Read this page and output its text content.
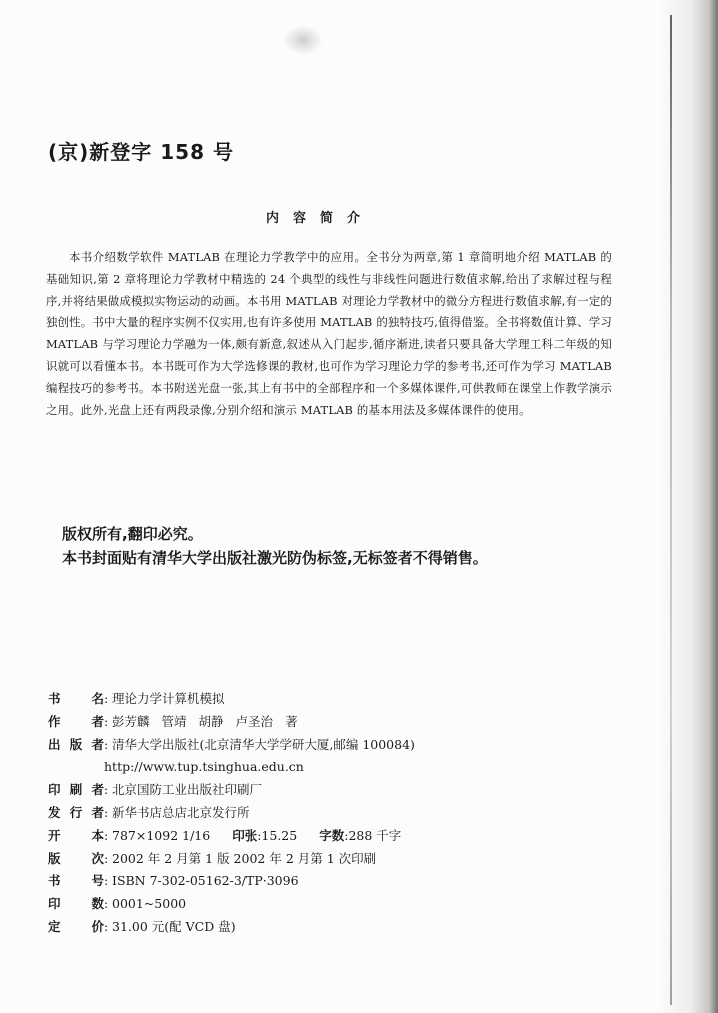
(京)新登字 158 号
内容简介
本书介绍数学软件 MATLAB 在理论力学教学中的应用。全书分为两章,第 1 章简明地介绍 MATLAB 的基础知识,第 2 章将理论力学教材中精选的 24 个典型的线性与非线性问题进行数值求解,给出了求解过程与程序,并将结果做成模拟实物运动的动画。本书用 MATLAB 对理论力学教材中的微分方程进行数值求解,有一定的独创性。书中大量的程序实例不仅实用,也有许多使用 MATLAB 的独特技巧,值得借鉴。全书将数值计算、学习 MATLAB 与学习理论力学融为一体,颇有新意,叙述从入门起步,循序渐进,读者只要具备大学理工科二年级的知识就可以看懂本书。本书既可作为大学选修课的教材,也可作为学习理论力学的参考书,还可作为学习 MATLAB 编程技巧的参考书。本书附送光盘一张,其上有书中的全部程序和一个多媒体课件,可供教师在课堂上作教学演示之用。此外,光盘上还有两段录像,分别介绍和演示 MATLAB 的基本用法及多媒体课件的使用。
版权所有,翻印必究。
本书封面贴有清华大学出版社激光防伪标签,无标签者不得销售。
书 名 : 理论力学计算机模拟
作 者 : 彭芳麟 管靖 胡静 卢圣治 著
出版者 : 清华大学出版社(北京清华大学学研大厦,邮编 100084)
http://www.tup.tsinghua.edu.cn
印刷者 : 北京国防工业出版社印刷厂
发行者 : 新华书店总店北京发行所
开 本 : 787×1092 1/16 印张 : 15.25 字数 : 288 千字
版 次 : 2002 年 2 月第 1 版 2002 年 2 月第 1 次印刷
书 号 : ISBN 7-302-05162-3/TP·3096
印 数 : 0001~5000
定 价 : 31.00 元(配 VCD 盘)
